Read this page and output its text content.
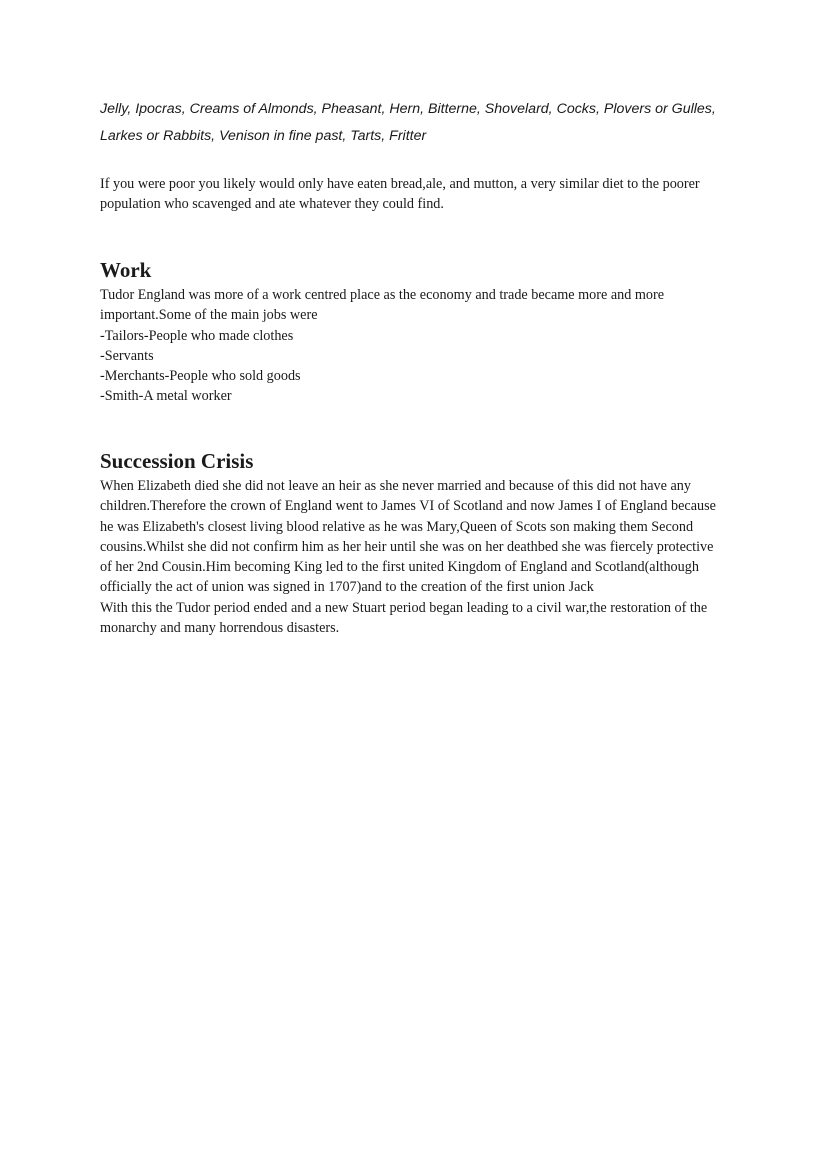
Jelly, Ipocras, Creams of Almonds, Pheasant, Hern, Bitterne, Shovelard, Cocks, Plovers or Gulles, Larkes or Rabbits, Venison in fine past, Tarts, Fritter

If you were poor you likely would only have eaten bread,ale, and mutton, a very similar diet to the poorer population who scavenged and ate whatever they could find.

Work
Tudor England was more of a work centred place as the economy and trade became more and more important.Some of the main jobs were
-Tailors-People who made clothes
-Servants
-Merchants-People who sold goods
-Smith-A metal worker
Succession Crisis
When Elizabeth died she did not leave an heir as she never married and because of this did not have any children.Therefore the crown of England went to James VI of Scotland and now James I of England because he was Elizabeth's closest living blood relative as he was Mary,Queen of Scots son making them Second cousins.Whilst she did not confirm him as her heir until she was on her deathbed she was fiercely protective of her 2nd Cousin.Him becoming King led to the first united Kingdom of England and Scotland(although officially the act of union was signed in 1707)and to the creation of the first union Jack
With this the Tudor period ended and a new Stuart period began leading to a civil war,the restoration of the monarchy and many horrendous disasters.
